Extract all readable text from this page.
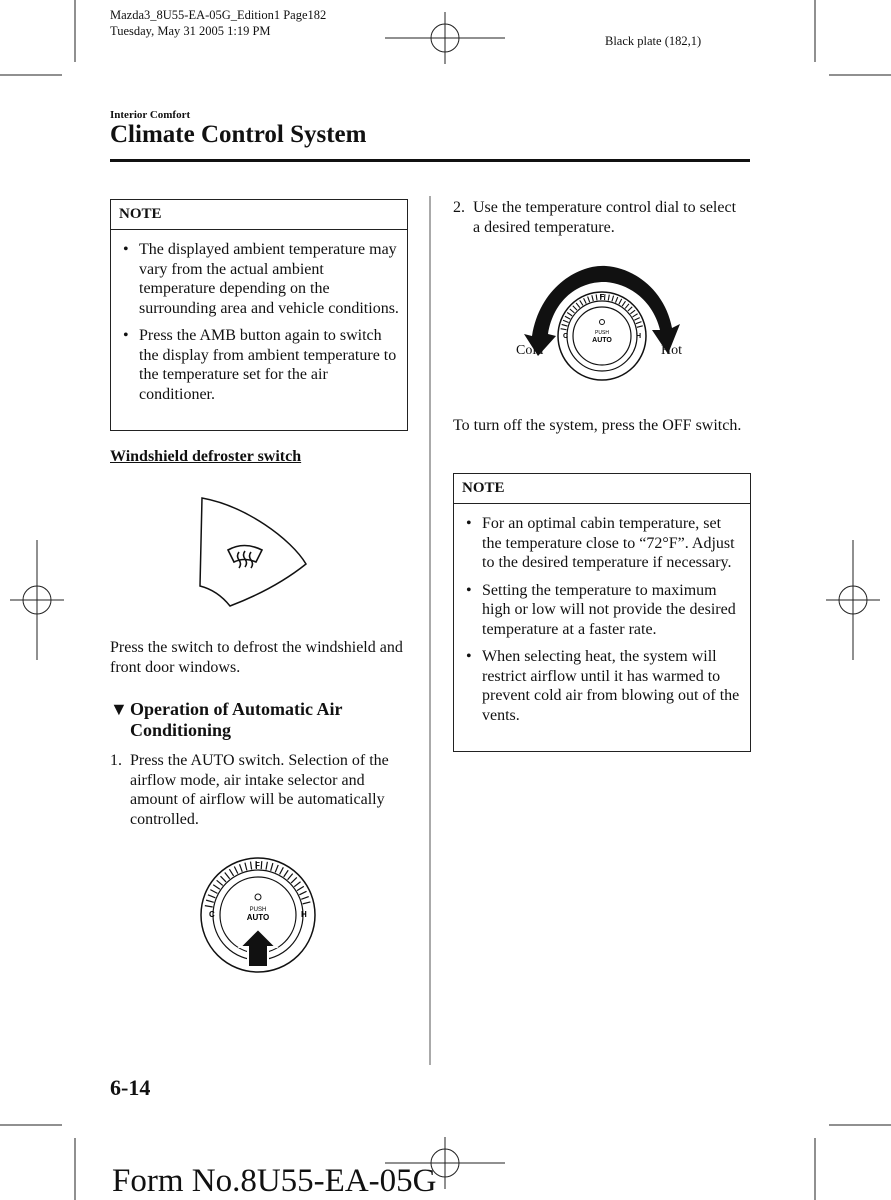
Mazda3_8U55-EA-05G_Edition1 Page182
Tuesday, May 31 2005 1:19 PM
Black plate (182,1)
Interior Comfort
Climate Control System
NOTE
• The displayed ambient temperature may vary from the actual ambient temperature depending on the surrounding area and vehicle conditions.
• Press the AMB button again to switch the display from ambient temperature to the temperature set for the air conditioner.
Windshield defroster switch
Press the switch to defrost the windshield and front door windows.
▼ Operation of Automatic Air Conditioning
1. Press the AUTO switch. Selection of the airflow mode, air intake selector and amount of airflow will be automatically controlled.
PUSH
AUTO
C
F
H
2. Use the temperature control dial to select a desired temperature.
PUSH
AUTO
C
F
H
Cold	Hot
To turn off the system, press the OFF switch.
NOTE
• For an optimal cabin temperature, set the temperature close to “72°F”. Adjust to the desired temperature if necessary.
• Setting the temperature to maximum high or low will not provide the desired temperature at a faster rate.
• When selecting heat, the system will restrict airflow until it has warmed to prevent cold air from blowing out of the vents.
6-14
Form No.8U55-EA-05G
